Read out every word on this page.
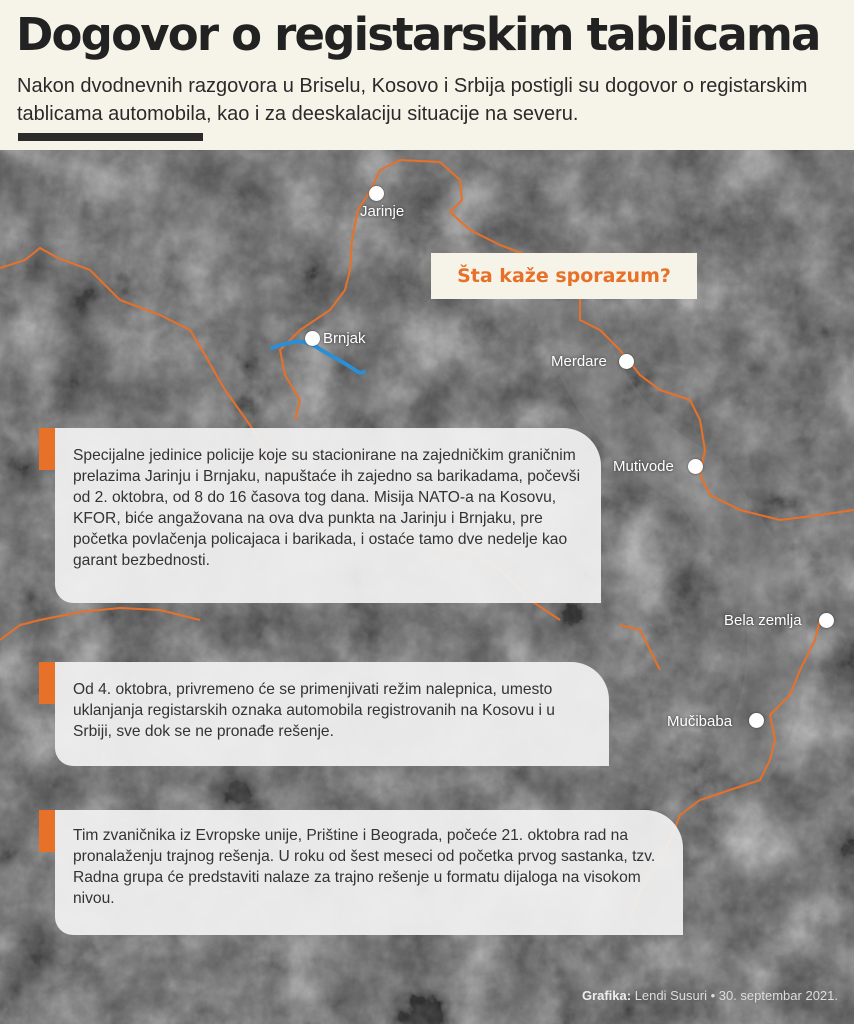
Dogovor o registarskim tablicama
Nakon dvodnevnih razgovora u Briselu, Kosovo i Srbija postigli su dogovor o registarskim tablicama automobila, kao i za deeskalaciju situacije na severu.
Jarinje
Brnjak
Merdare
Mutivode
Bela zemlja
Mučibaba
Šta kaže sporazum?
Specijalne jedinice policije koje su stacionirane na zajedničkim graničnim prelazima Jarinju i Brnjaku, napuštaće ih zajedno sa barikadama, počevši od 2. oktobra, od 8 do 16 časova tog dana. Misija NATO-a na Kosovu, KFOR, biće angažovana na ova dva punkta na Jarinju i Brnjaku, pre početka povlačenja policajaca i barikada, i ostaće tamo dve nedelje kao garant bezbednosti.
Od 4. oktobra, privremeno će se primenjivati režim nalepnica, umesto uklanjanja registarskih oznaka automobila registrovanih na Kosovu i u Srbiji, sve dok se ne pronađe rešenje.
Tim zvaničnika iz Evropske unije, Prištine i Beograda, počeće 21. oktobra rad na pronalaženju trajnog rešenja. U roku od šest meseci od početka prvog sastanka, tzv. Radna grupa će predstaviti nalaze za trajno rešenje u formatu dijaloga na visokom nivou.
Grafika: Lendi Susuri • 30. septembar 2021.
